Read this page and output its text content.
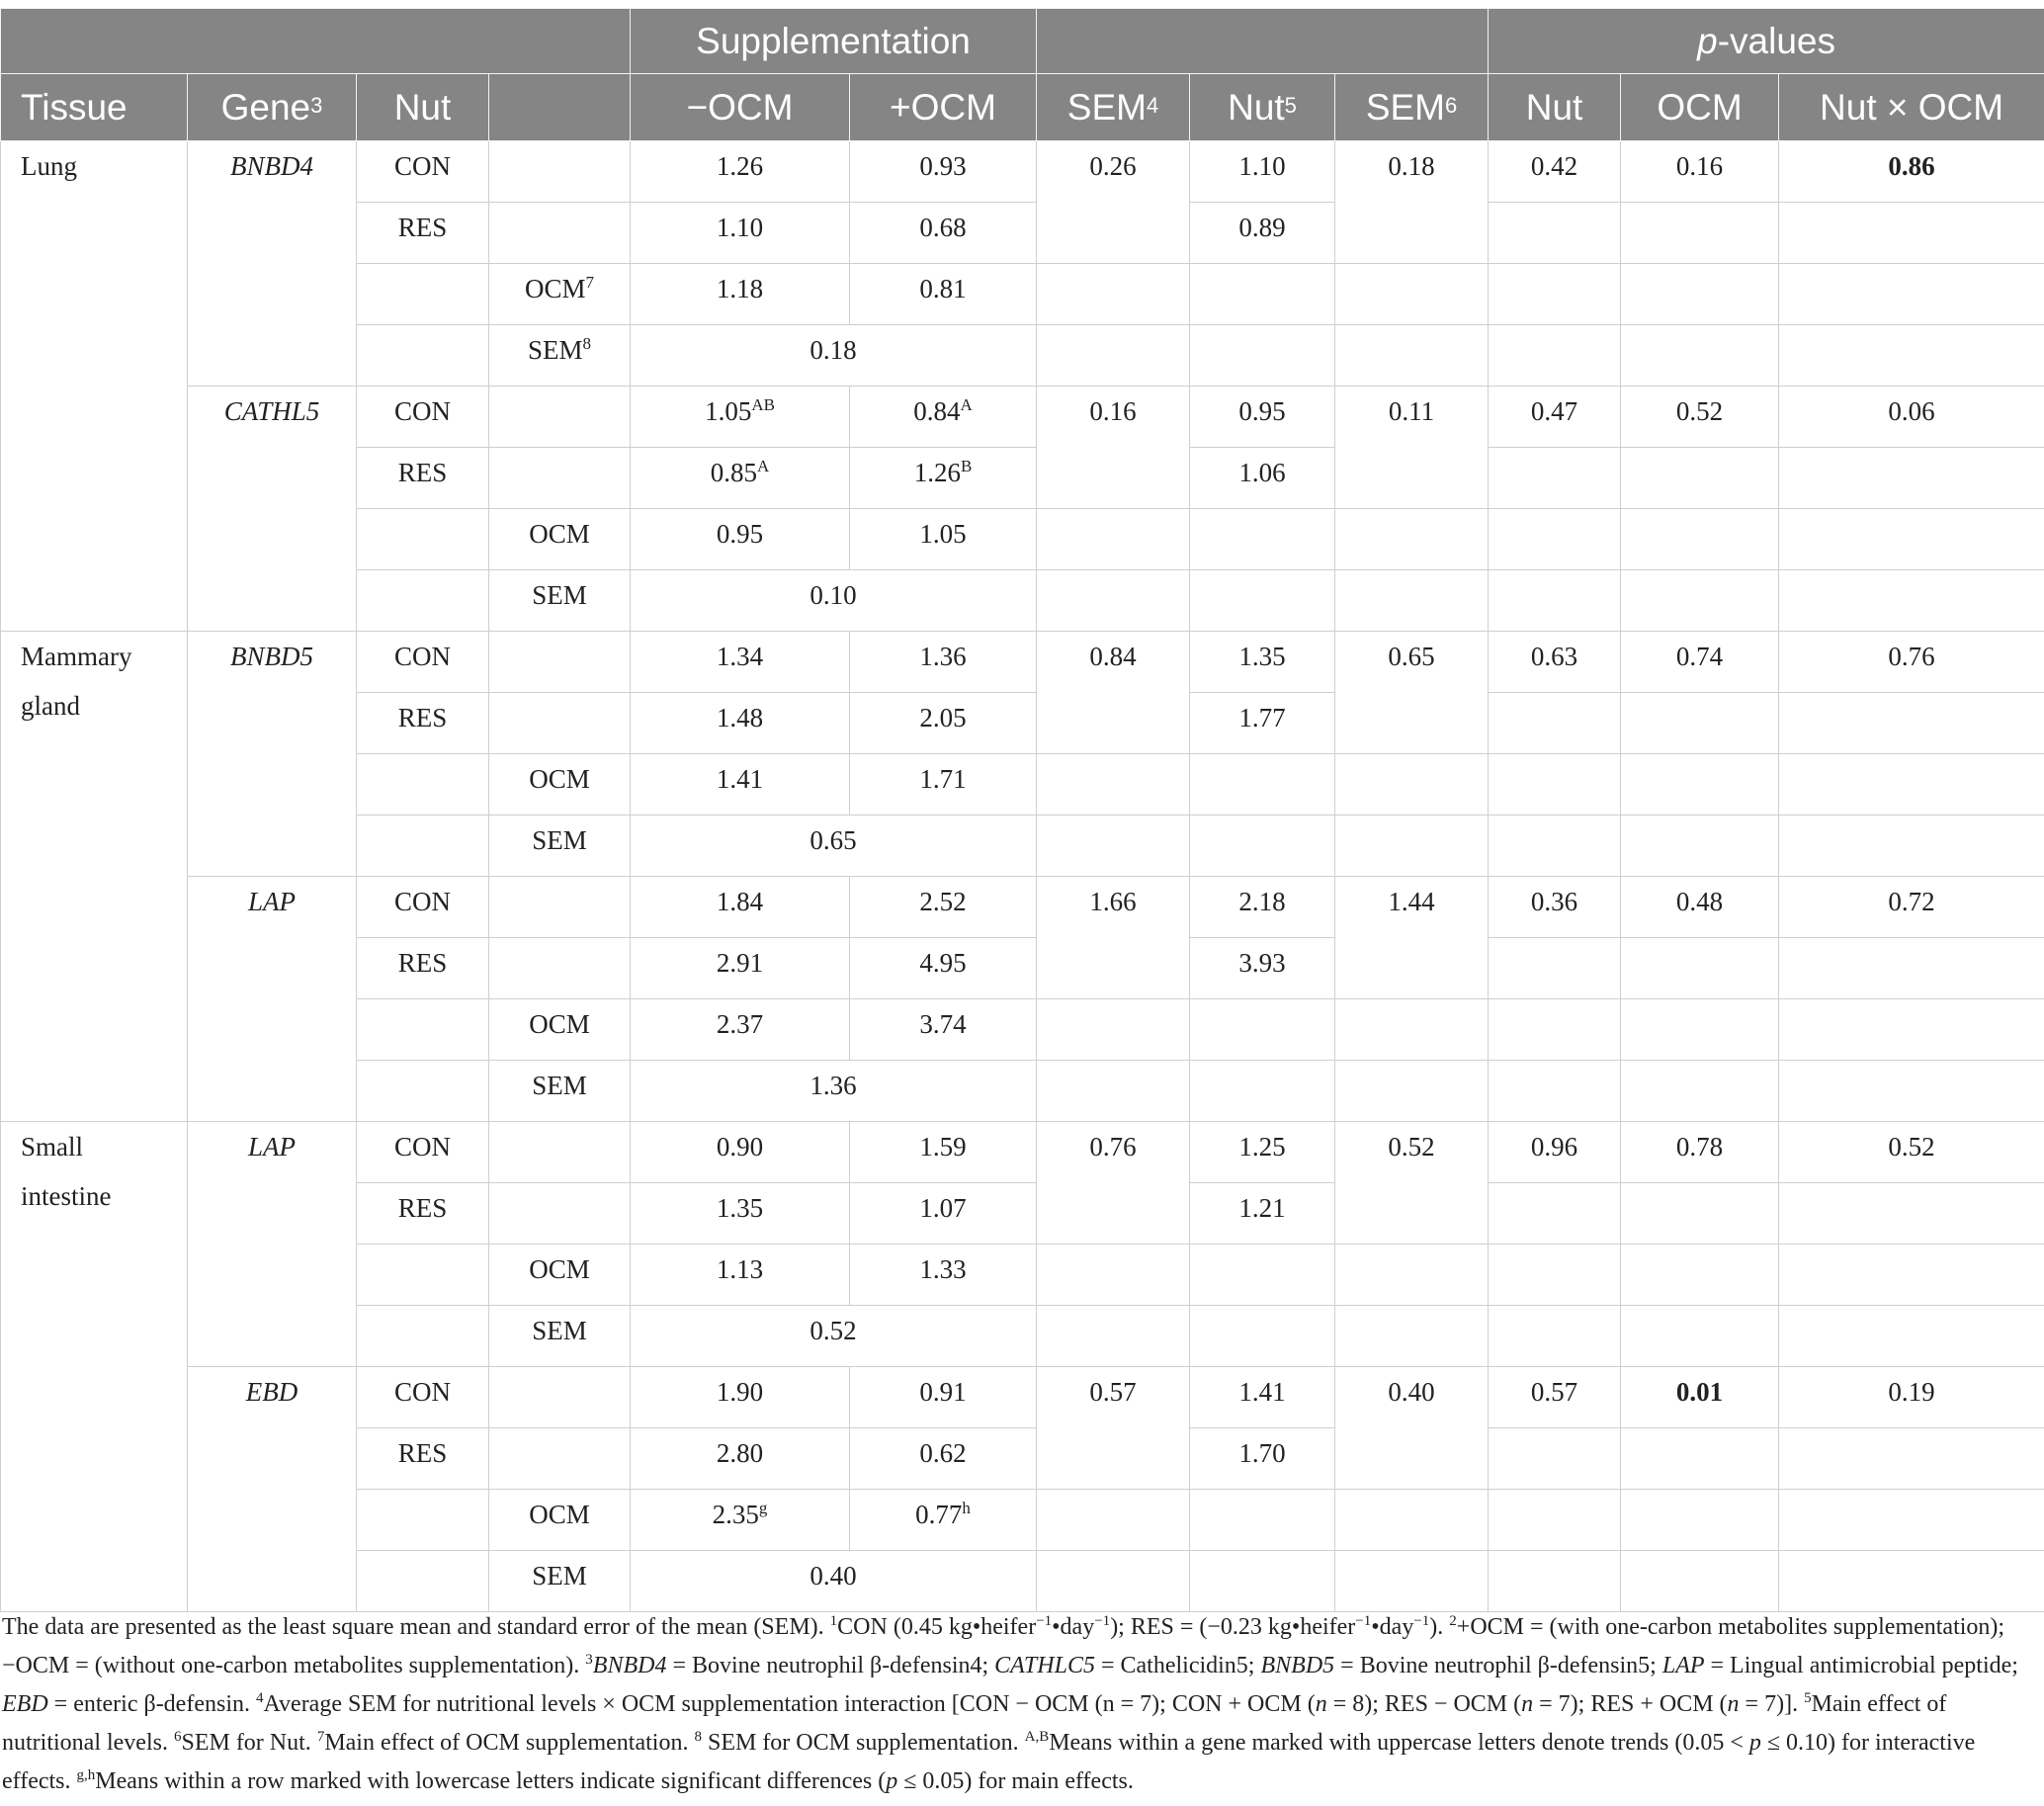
				Supplementation					p-values		
Tissue	Gene$^3$	Nut		−OCM	+OCM	SEM$^4$	Nut$^5$	SEM$^6$	Nut	OCM	Nut × OCM
Lung	BNBD4	CON		1.26	0.93	0.26	1.10	0.18	0.42	0.16	0.86
		RES		1.10	0.68		0.89				
			OCM$^7$	1.18	0.81						
			SEM$^8$	0.18							
	CATHL5	CON		$1.05^{AB}$	$0.84^A$	0.16	0.95	0.11	0.47	0.52	0.06
		RES		$0.85^A$	$1.26^B$		1.06				
			OCM	0.95	1.05						
			SEM	0.10							
Mammary gland	BNBD5	CON		1.34	1.36	0.84	1.35	0.65	0.63	0.74	0.76
		RES		1.48	2.05		1.77				
			OCM	1.41	1.71						
			SEM	0.65							
	LAP	CON		1.84	2.52	1.66	2.18	1.44	0.36	0.48	0.72
		RES		2.91	4.95		3.93				
			OCM	2.37	3.74						
			SEM	1.36							
Small intestine	LAP	CON		0.90	1.59	0.76	1.25	0.52	0.96	0.78	0.52
		RES		1.35	1.07		1.21				
			OCM	1.13	1.33						
			SEM	0.52							
	EBD	CON		1.90	0.91	0.57	1.41	0.40	0.57	0.01	0.19
		RES		2.80	0.62		1.70				
			OCM	2.35$^g$	0.77$^h$						
			SEM	0.40							
The data are presented as the least square mean and standard error of the mean (SEM). $^1$CON (0.45 kg•heifer$^{-1}$•day$^{-1}$); RES = (−0.23 kg•heifer$^{-1}$•day$^{-1}$). $^2$+OCM = (with one-carbon metabolites supplementation); −OCM = (without one-carbon metabolites supplementation). $^3$BNBD4 = Bovine neutrophil β-defensin4; CATHLC5 = Cathelicidin5; BNBD5 = Bovine neutrophil β-defensin5; LAP = Lingual antimicrobial peptide; EBD = enteric β-defensin. $^4$Average SEM for nutritional levels × OCM supplementation interaction [CON − OCM (n = 7); CON + OCM (n = 8); RES − OCM (n = 7); RES + OCM (n = 7)]. $^5$Main effect of nutritional levels. $^6$SEM for Nut. $^7$Main effect of OCM supplementation. $^8$ SEM for OCM supplementation. $^{A,B}$Means within a gene marked with uppercase letters denote trends (0.05 < p ≤ 0.10) for interactive effects. $^{g,h}$Means within a row marked with lowercase letters indicate significant differences (p ≤ 0.05) for main effects.
